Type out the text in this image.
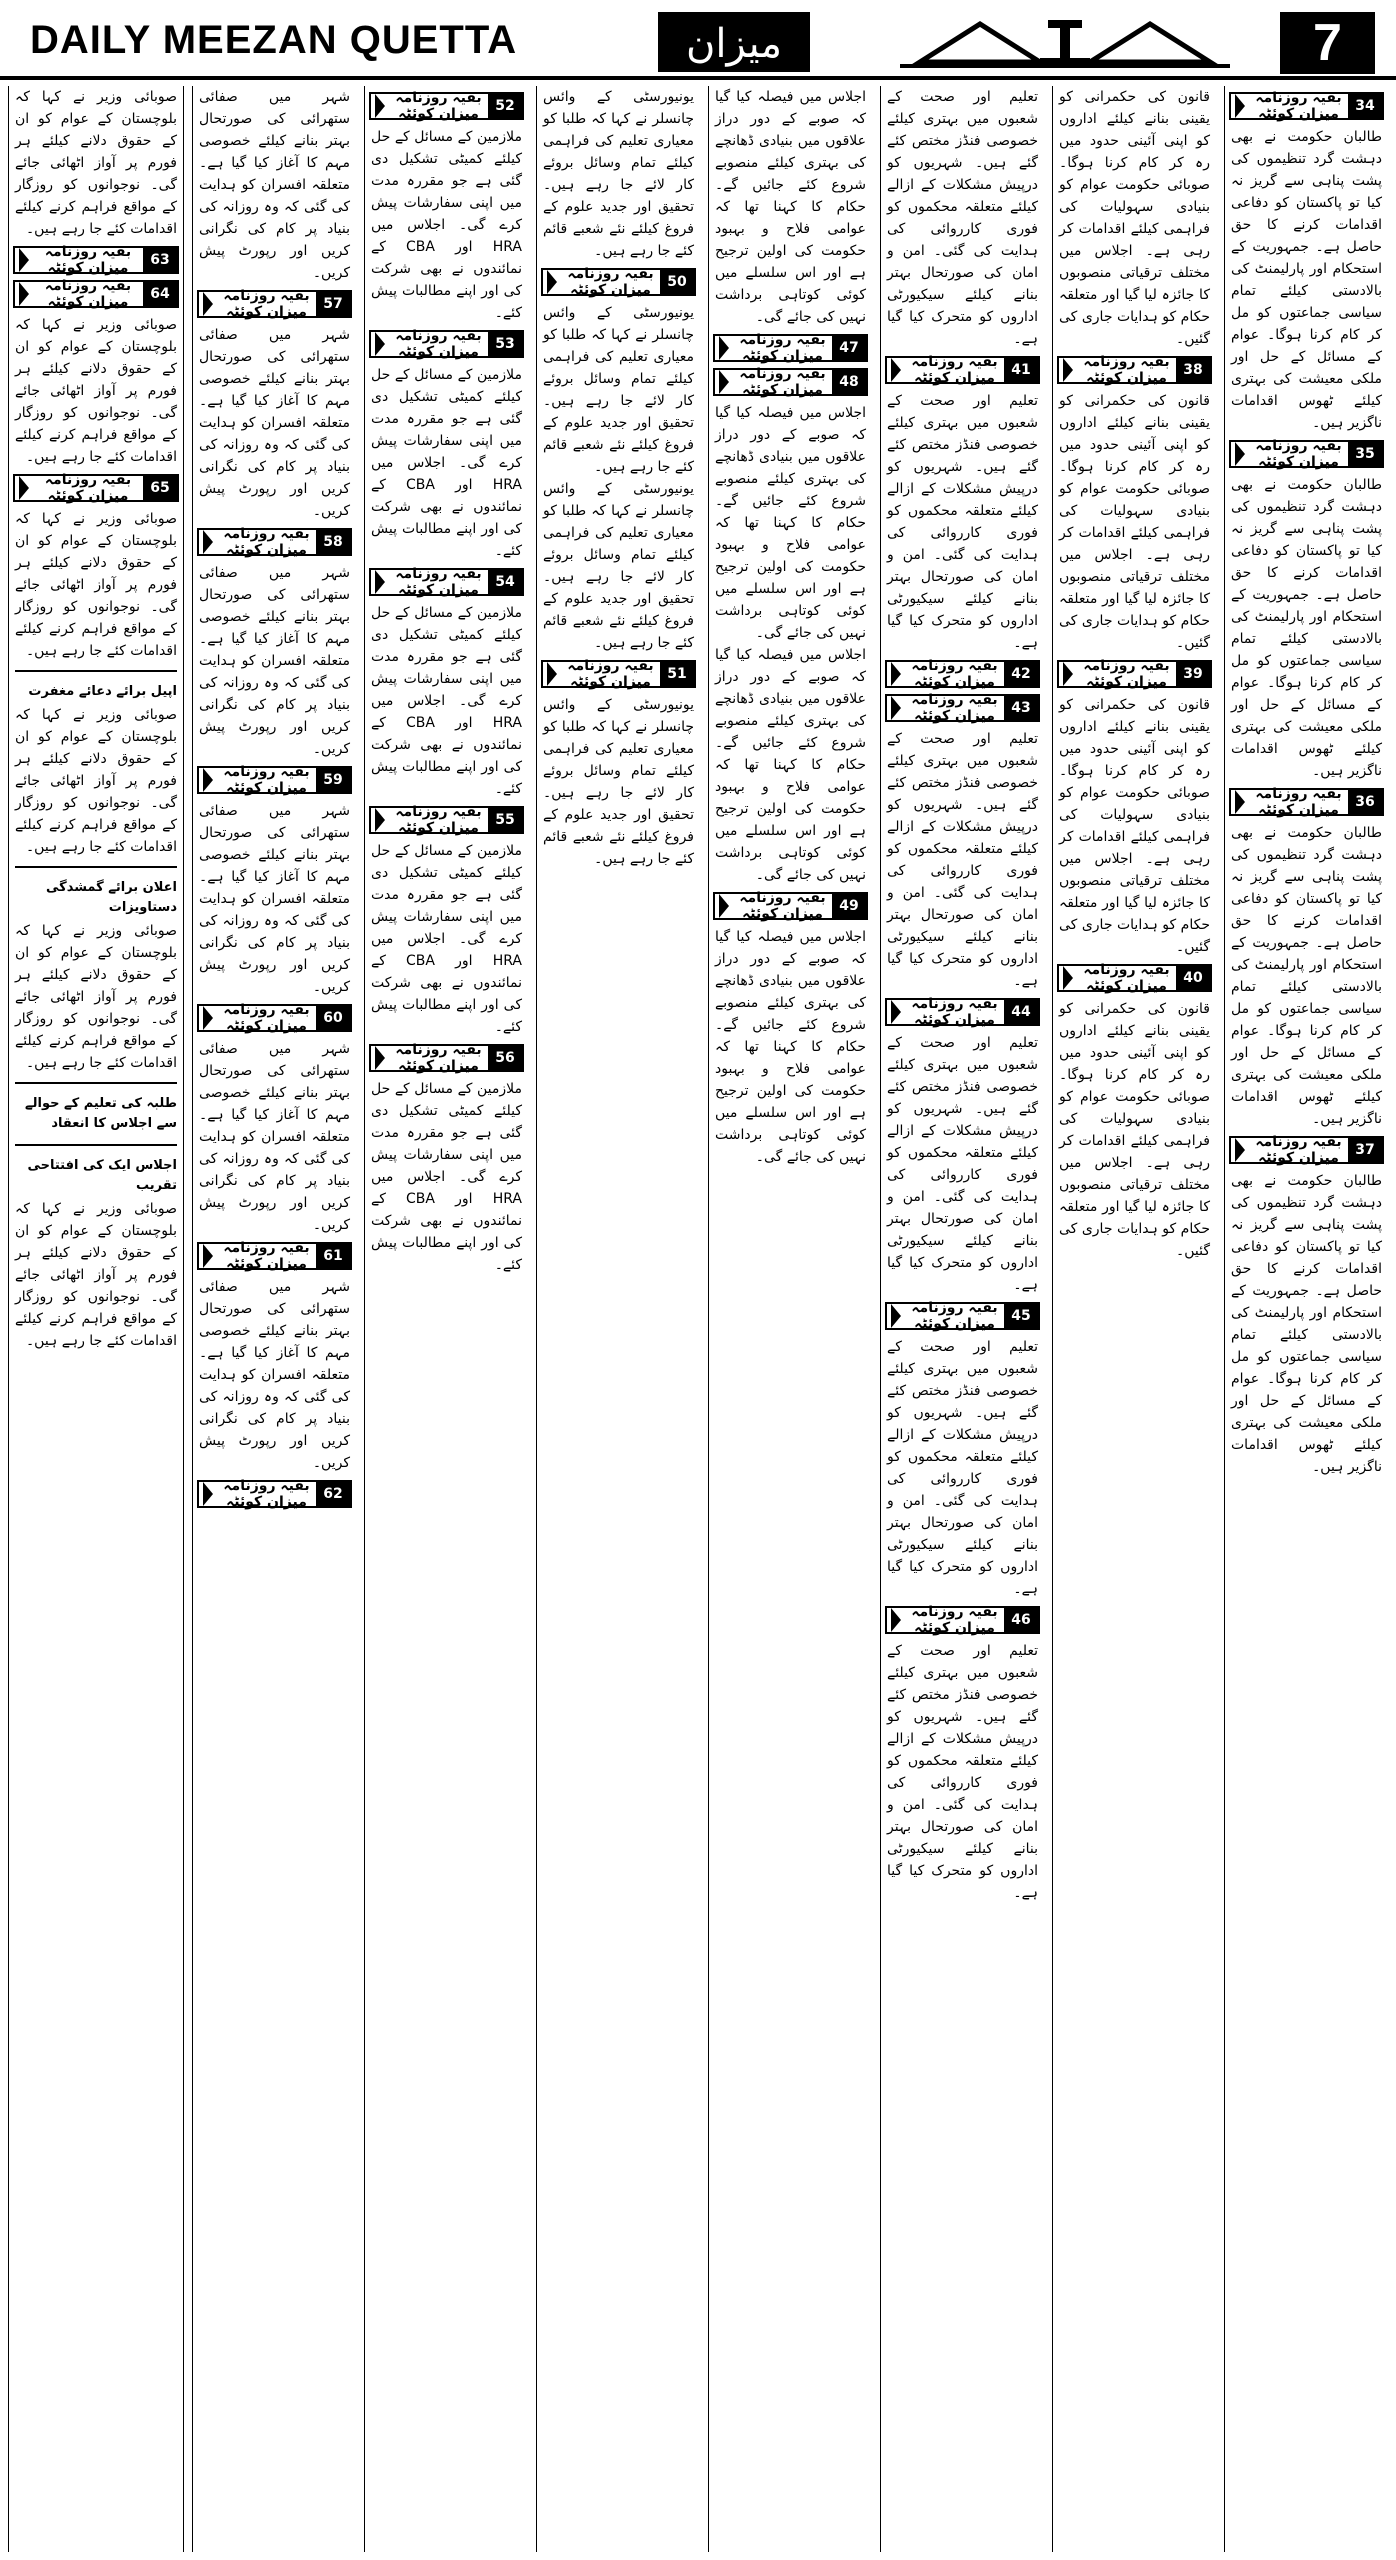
DAILY MEEZAN QUETTA	میزان	7
34
بقیہ روزنامہ میزان کوئٹہ
طالبان حکومت نے بھی دہشت گرد تنظیموں کی پشت پناہی سے گریز نہ کیا تو پاکستان کو دفاعی اقدامات کرنے کا حق حاصل ہے۔ جمہوریت کے استحکام اور پارلیمنٹ کی بالادستی کیلئے تمام سیاسی جماعتوں کو مل کر کام کرنا ہوگا۔ عوام کے مسائل کے حل اور ملکی معیشت کی بہتری کیلئے ٹھوس اقدامات ناگزیر ہیں۔
35
بقیہ روزنامہ میزان کوئٹہ
طالبان حکومت نے بھی دہشت گرد تنظیموں کی پشت پناہی سے گریز نہ کیا تو پاکستان کو دفاعی اقدامات کرنے کا حق حاصل ہے۔ جمہوریت کے استحکام اور پارلیمنٹ کی بالادستی کیلئے تمام سیاسی جماعتوں کو مل کر کام کرنا ہوگا۔ عوام کے مسائل کے حل اور ملکی معیشت کی بہتری کیلئے ٹھوس اقدامات ناگزیر ہیں۔
36
بقیہ روزنامہ میزان کوئٹہ
طالبان حکومت نے بھی دہشت گرد تنظیموں کی پشت پناہی سے گریز نہ کیا تو پاکستان کو دفاعی اقدامات کرنے کا حق حاصل ہے۔ جمہوریت کے استحکام اور پارلیمنٹ کی بالادستی کیلئے تمام سیاسی جماعتوں کو مل کر کام کرنا ہوگا۔ عوام کے مسائل کے حل اور ملکی معیشت کی بہتری کیلئے ٹھوس اقدامات ناگزیر ہیں۔
37
بقیہ روزنامہ میزان کوئٹہ
طالبان حکومت نے بھی دہشت گرد تنظیموں کی پشت پناہی سے گریز نہ کیا تو پاکستان کو دفاعی اقدامات کرنے کا حق حاصل ہے۔ جمہوریت کے استحکام اور پارلیمنٹ کی بالادستی کیلئے تمام سیاسی جماعتوں کو مل کر کام کرنا ہوگا۔ عوام کے مسائل کے حل اور ملکی معیشت کی بہتری کیلئے ٹھوس اقدامات ناگزیر ہیں۔
قانون کی حکمرانی کو یقینی بنانے کیلئے اداروں کو اپنی آئینی حدود میں رہ کر کام کرنا ہوگا۔ صوبائی حکومت عوام کو بنیادی سہولیات کی فراہمی کیلئے اقدامات کر رہی ہے۔ اجلاس میں مختلف ترقیاتی منصوبوں کا جائزہ لیا گیا اور متعلقہ حکام کو ہدایات جاری کی گئیں۔
38
بقیہ روزنامہ میزان کوئٹہ
قانون کی حکمرانی کو یقینی بنانے کیلئے اداروں کو اپنی آئینی حدود میں رہ کر کام کرنا ہوگا۔ صوبائی حکومت عوام کو بنیادی سہولیات کی فراہمی کیلئے اقدامات کر رہی ہے۔ اجلاس میں مختلف ترقیاتی منصوبوں کا جائزہ لیا گیا اور متعلقہ حکام کو ہدایات جاری کی گئیں۔
39
بقیہ روزنامہ میزان کوئٹہ
قانون کی حکمرانی کو یقینی بنانے کیلئے اداروں کو اپنی آئینی حدود میں رہ کر کام کرنا ہوگا۔ صوبائی حکومت عوام کو بنیادی سہولیات کی فراہمی کیلئے اقدامات کر رہی ہے۔ اجلاس میں مختلف ترقیاتی منصوبوں کا جائزہ لیا گیا اور متعلقہ حکام کو ہدایات جاری کی گئیں۔
40
بقیہ روزنامہ میزان کوئٹہ
قانون کی حکمرانی کو یقینی بنانے کیلئے اداروں کو اپنی آئینی حدود میں رہ کر کام کرنا ہوگا۔ صوبائی حکومت عوام کو بنیادی سہولیات کی فراہمی کیلئے اقدامات کر رہی ہے۔ اجلاس میں مختلف ترقیاتی منصوبوں کا جائزہ لیا گیا اور متعلقہ حکام کو ہدایات جاری کی گئیں۔
تعلیم اور صحت کے شعبوں میں بہتری کیلئے خصوصی فنڈز مختص کئے گئے ہیں۔ شہریوں کو درپیش مشکلات کے ازالے کیلئے متعلقہ محکموں کو فوری کارروائی کی ہدایت کی گئی۔ امن و امان کی صورتحال بہتر بنانے کیلئے سیکیورٹی اداروں کو متحرک کیا گیا ہے۔
41
بقیہ روزنامہ میزان کوئٹہ
تعلیم اور صحت کے شعبوں میں بہتری کیلئے خصوصی فنڈز مختص کئے گئے ہیں۔ شہریوں کو درپیش مشکلات کے ازالے کیلئے متعلقہ محکموں کو فوری کارروائی کی ہدایت کی گئی۔ امن و امان کی صورتحال بہتر بنانے کیلئے سیکیورٹی اداروں کو متحرک کیا گیا ہے۔
42
بقیہ روزنامہ میزان کوئٹہ
43
بقیہ روزنامہ میزان کوئٹہ
تعلیم اور صحت کے شعبوں میں بہتری کیلئے خصوصی فنڈز مختص کئے گئے ہیں۔ شہریوں کو درپیش مشکلات کے ازالے کیلئے متعلقہ محکموں کو فوری کارروائی کی ہدایت کی گئی۔ امن و امان کی صورتحال بہتر بنانے کیلئے سیکیورٹی اداروں کو متحرک کیا گیا ہے۔
44
بقیہ روزنامہ میزان کوئٹہ
تعلیم اور صحت کے شعبوں میں بہتری کیلئے خصوصی فنڈز مختص کئے گئے ہیں۔ شہریوں کو درپیش مشکلات کے ازالے کیلئے متعلقہ محکموں کو فوری کارروائی کی ہدایت کی گئی۔ امن و امان کی صورتحال بہتر بنانے کیلئے سیکیورٹی اداروں کو متحرک کیا گیا ہے۔
45
بقیہ روزنامہ میزان کوئٹہ
تعلیم اور صحت کے شعبوں میں بہتری کیلئے خصوصی فنڈز مختص کئے گئے ہیں۔ شہریوں کو درپیش مشکلات کے ازالے کیلئے متعلقہ محکموں کو فوری کارروائی کی ہدایت کی گئی۔ امن و امان کی صورتحال بہتر بنانے کیلئے سیکیورٹی اداروں کو متحرک کیا گیا ہے۔
46
بقیہ روزنامہ میزان کوئٹہ
تعلیم اور صحت کے شعبوں میں بہتری کیلئے خصوصی فنڈز مختص کئے گئے ہیں۔ شہریوں کو درپیش مشکلات کے ازالے کیلئے متعلقہ محکموں کو فوری کارروائی کی ہدایت کی گئی۔ امن و امان کی صورتحال بہتر بنانے کیلئے سیکیورٹی اداروں کو متحرک کیا گیا ہے۔
اجلاس میں فیصلہ کیا گیا کہ صوبے کے دور دراز علاقوں میں بنیادی ڈھانچے کی بہتری کیلئے منصوبے شروع کئے جائیں گے۔ حکام کا کہنا تھا کہ عوامی فلاح و بہبود حکومت کی اولین ترجیح ہے اور اس سلسلے میں کوئی کوتاہی برداشت نہیں کی جائے گی۔
47
بقیہ روزنامہ میزان کوئٹہ
48
بقیہ روزنامہ میزان کوئٹہ
اجلاس میں فیصلہ کیا گیا کہ صوبے کے دور دراز علاقوں میں بنیادی ڈھانچے کی بہتری کیلئے منصوبے شروع کئے جائیں گے۔ حکام کا کہنا تھا کہ عوامی فلاح و بہبود حکومت کی اولین ترجیح ہے اور اس سلسلے میں کوئی کوتاہی برداشت نہیں کی جائے گی۔
اجلاس میں فیصلہ کیا گیا کہ صوبے کے دور دراز علاقوں میں بنیادی ڈھانچے کی بہتری کیلئے منصوبے شروع کئے جائیں گے۔ حکام کا کہنا تھا کہ عوامی فلاح و بہبود حکومت کی اولین ترجیح ہے اور اس سلسلے میں کوئی کوتاہی برداشت نہیں کی جائے گی۔
49
بقیہ روزنامہ میزان کوئٹہ
اجلاس میں فیصلہ کیا گیا کہ صوبے کے دور دراز علاقوں میں بنیادی ڈھانچے کی بہتری کیلئے منصوبے شروع کئے جائیں گے۔ حکام کا کہنا تھا کہ عوامی فلاح و بہبود حکومت کی اولین ترجیح ہے اور اس سلسلے میں کوئی کوتاہی برداشت نہیں کی جائے گی۔
یونیورسٹی کے وائس چانسلر نے کہا کہ طلبا کو معیاری تعلیم کی فراہمی کیلئے تمام وسائل بروئے کار لائے جا رہے ہیں۔ تحقیق اور جدید علوم کے فروغ کیلئے نئے شعبے قائم کئے جا رہے ہیں۔
50
بقیہ روزنامہ میزان کوئٹہ
یونیورسٹی کے وائس چانسلر نے کہا کہ طلبا کو معیاری تعلیم کی فراہمی کیلئے تمام وسائل بروئے کار لائے جا رہے ہیں۔ تحقیق اور جدید علوم کے فروغ کیلئے نئے شعبے قائم کئے جا رہے ہیں۔
یونیورسٹی کے وائس چانسلر نے کہا کہ طلبا کو معیاری تعلیم کی فراہمی کیلئے تمام وسائل بروئے کار لائے جا رہے ہیں۔ تحقیق اور جدید علوم کے فروغ کیلئے نئے شعبے قائم کئے جا رہے ہیں۔
51
بقیہ روزنامہ میزان کوئٹہ
یونیورسٹی کے وائس چانسلر نے کہا کہ طلبا کو معیاری تعلیم کی فراہمی کیلئے تمام وسائل بروئے کار لائے جا رہے ہیں۔ تحقیق اور جدید علوم کے فروغ کیلئے نئے شعبے قائم کئے جا رہے ہیں۔
52
بقیہ روزنامہ میزان کوئٹہ
ملازمین کے مسائل کے حل کیلئے کمیٹی تشکیل دی گئی ہے جو مقررہ مدت میں اپنی سفارشات پیش کرے گی۔ اجلاس میں HRA اور CBA کے نمائندوں نے بھی شرکت کی اور اپنے مطالبات پیش کئے۔
53
بقیہ روزنامہ میزان کوئٹہ
ملازمین کے مسائل کے حل کیلئے کمیٹی تشکیل دی گئی ہے جو مقررہ مدت میں اپنی سفارشات پیش کرے گی۔ اجلاس میں HRA اور CBA کے نمائندوں نے بھی شرکت کی اور اپنے مطالبات پیش کئے۔
54
بقیہ روزنامہ میزان کوئٹہ
ملازمین کے مسائل کے حل کیلئے کمیٹی تشکیل دی گئی ہے جو مقررہ مدت میں اپنی سفارشات پیش کرے گی۔ اجلاس میں HRA اور CBA کے نمائندوں نے بھی شرکت کی اور اپنے مطالبات پیش کئے۔
55
بقیہ روزنامہ میزان کوئٹہ
ملازمین کے مسائل کے حل کیلئے کمیٹی تشکیل دی گئی ہے جو مقررہ مدت میں اپنی سفارشات پیش کرے گی۔ اجلاس میں HRA اور CBA کے نمائندوں نے بھی شرکت کی اور اپنے مطالبات پیش کئے۔
56
بقیہ روزنامہ میزان کوئٹہ
ملازمین کے مسائل کے حل کیلئے کمیٹی تشکیل دی گئی ہے جو مقررہ مدت میں اپنی سفارشات پیش کرے گی۔ اجلاس میں HRA اور CBA کے نمائندوں نے بھی شرکت کی اور اپنے مطالبات پیش کئے۔
شہر میں صفائی ستھرائی کی صورتحال بہتر بنانے کیلئے خصوصی مہم کا آغاز کیا گیا ہے۔ متعلقہ افسران کو ہدایت کی گئی کہ وہ روزانہ کی بنیاد پر کام کی نگرانی کریں اور رپورٹ پیش کریں۔
57
بقیہ روزنامہ میزان کوئٹہ
شہر میں صفائی ستھرائی کی صورتحال بہتر بنانے کیلئے خصوصی مہم کا آغاز کیا گیا ہے۔ متعلقہ افسران کو ہدایت کی گئی کہ وہ روزانہ کی بنیاد پر کام کی نگرانی کریں اور رپورٹ پیش کریں۔
58
بقیہ روزنامہ میزان کوئٹہ
شہر میں صفائی ستھرائی کی صورتحال بہتر بنانے کیلئے خصوصی مہم کا آغاز کیا گیا ہے۔ متعلقہ افسران کو ہدایت کی گئی کہ وہ روزانہ کی بنیاد پر کام کی نگرانی کریں اور رپورٹ پیش کریں۔
59
بقیہ روزنامہ میزان کوئٹہ
شہر میں صفائی ستھرائی کی صورتحال بہتر بنانے کیلئے خصوصی مہم کا آغاز کیا گیا ہے۔ متعلقہ افسران کو ہدایت کی گئی کہ وہ روزانہ کی بنیاد پر کام کی نگرانی کریں اور رپورٹ پیش کریں۔
60
بقیہ روزنامہ میزان کوئٹہ
شہر میں صفائی ستھرائی کی صورتحال بہتر بنانے کیلئے خصوصی مہم کا آغاز کیا گیا ہے۔ متعلقہ افسران کو ہدایت کی گئی کہ وہ روزانہ کی بنیاد پر کام کی نگرانی کریں اور رپورٹ پیش کریں۔
61
بقیہ روزنامہ میزان کوئٹہ
شہر میں صفائی ستھرائی کی صورتحال بہتر بنانے کیلئے خصوصی مہم کا آغاز کیا گیا ہے۔ متعلقہ افسران کو ہدایت کی گئی کہ وہ روزانہ کی بنیاد پر کام کی نگرانی کریں اور رپورٹ پیش کریں۔
62
بقیہ روزنامہ میزان کوئٹہ
صوبائی وزیر نے کہا کہ بلوچستان کے عوام کو ان کے حقوق دلانے کیلئے ہر فورم پر آواز اٹھائی جائے گی۔ نوجوانوں کو روزگار کے مواقع فراہم کرنے کیلئے اقدامات کئے جا رہے ہیں۔
63
بقیہ روزنامہ میزان کوئٹہ
64
بقیہ روزنامہ میزان کوئٹہ
صوبائی وزیر نے کہا کہ بلوچستان کے عوام کو ان کے حقوق دلانے کیلئے ہر فورم پر آواز اٹھائی جائے گی۔ نوجوانوں کو روزگار کے مواقع فراہم کرنے کیلئے اقدامات کئے جا رہے ہیں۔
65
بقیہ روزنامہ میزان کوئٹہ
صوبائی وزیر نے کہا کہ بلوچستان کے عوام کو ان کے حقوق دلانے کیلئے ہر فورم پر آواز اٹھائی جائے گی۔ نوجوانوں کو روزگار کے مواقع فراہم کرنے کیلئے اقدامات کئے جا رہے ہیں۔
اپیل برائے دعائے مغفرت
صوبائی وزیر نے کہا کہ بلوچستان کے عوام کو ان کے حقوق دلانے کیلئے ہر فورم پر آواز اٹھائی جائے گی۔ نوجوانوں کو روزگار کے مواقع فراہم کرنے کیلئے اقدامات کئے جا رہے ہیں۔
اعلان برائے گمشدگی دستاویزات
صوبائی وزیر نے کہا کہ بلوچستان کے عوام کو ان کے حقوق دلانے کیلئے ہر فورم پر آواز اٹھائی جائے گی۔ نوجوانوں کو روزگار کے مواقع فراہم کرنے کیلئے اقدامات کئے جا رہے ہیں۔
طلبہ کی تعلیم کے حوالے سے اجلاس کا انعقاد
اجلاس ایک کی افتتاحی تقریب
صوبائی وزیر نے کہا کہ بلوچستان کے عوام کو ان کے حقوق دلانے کیلئے ہر فورم پر آواز اٹھائی جائے گی۔ نوجوانوں کو روزگار کے مواقع فراہم کرنے کیلئے اقدامات کئے جا رہے ہیں۔
